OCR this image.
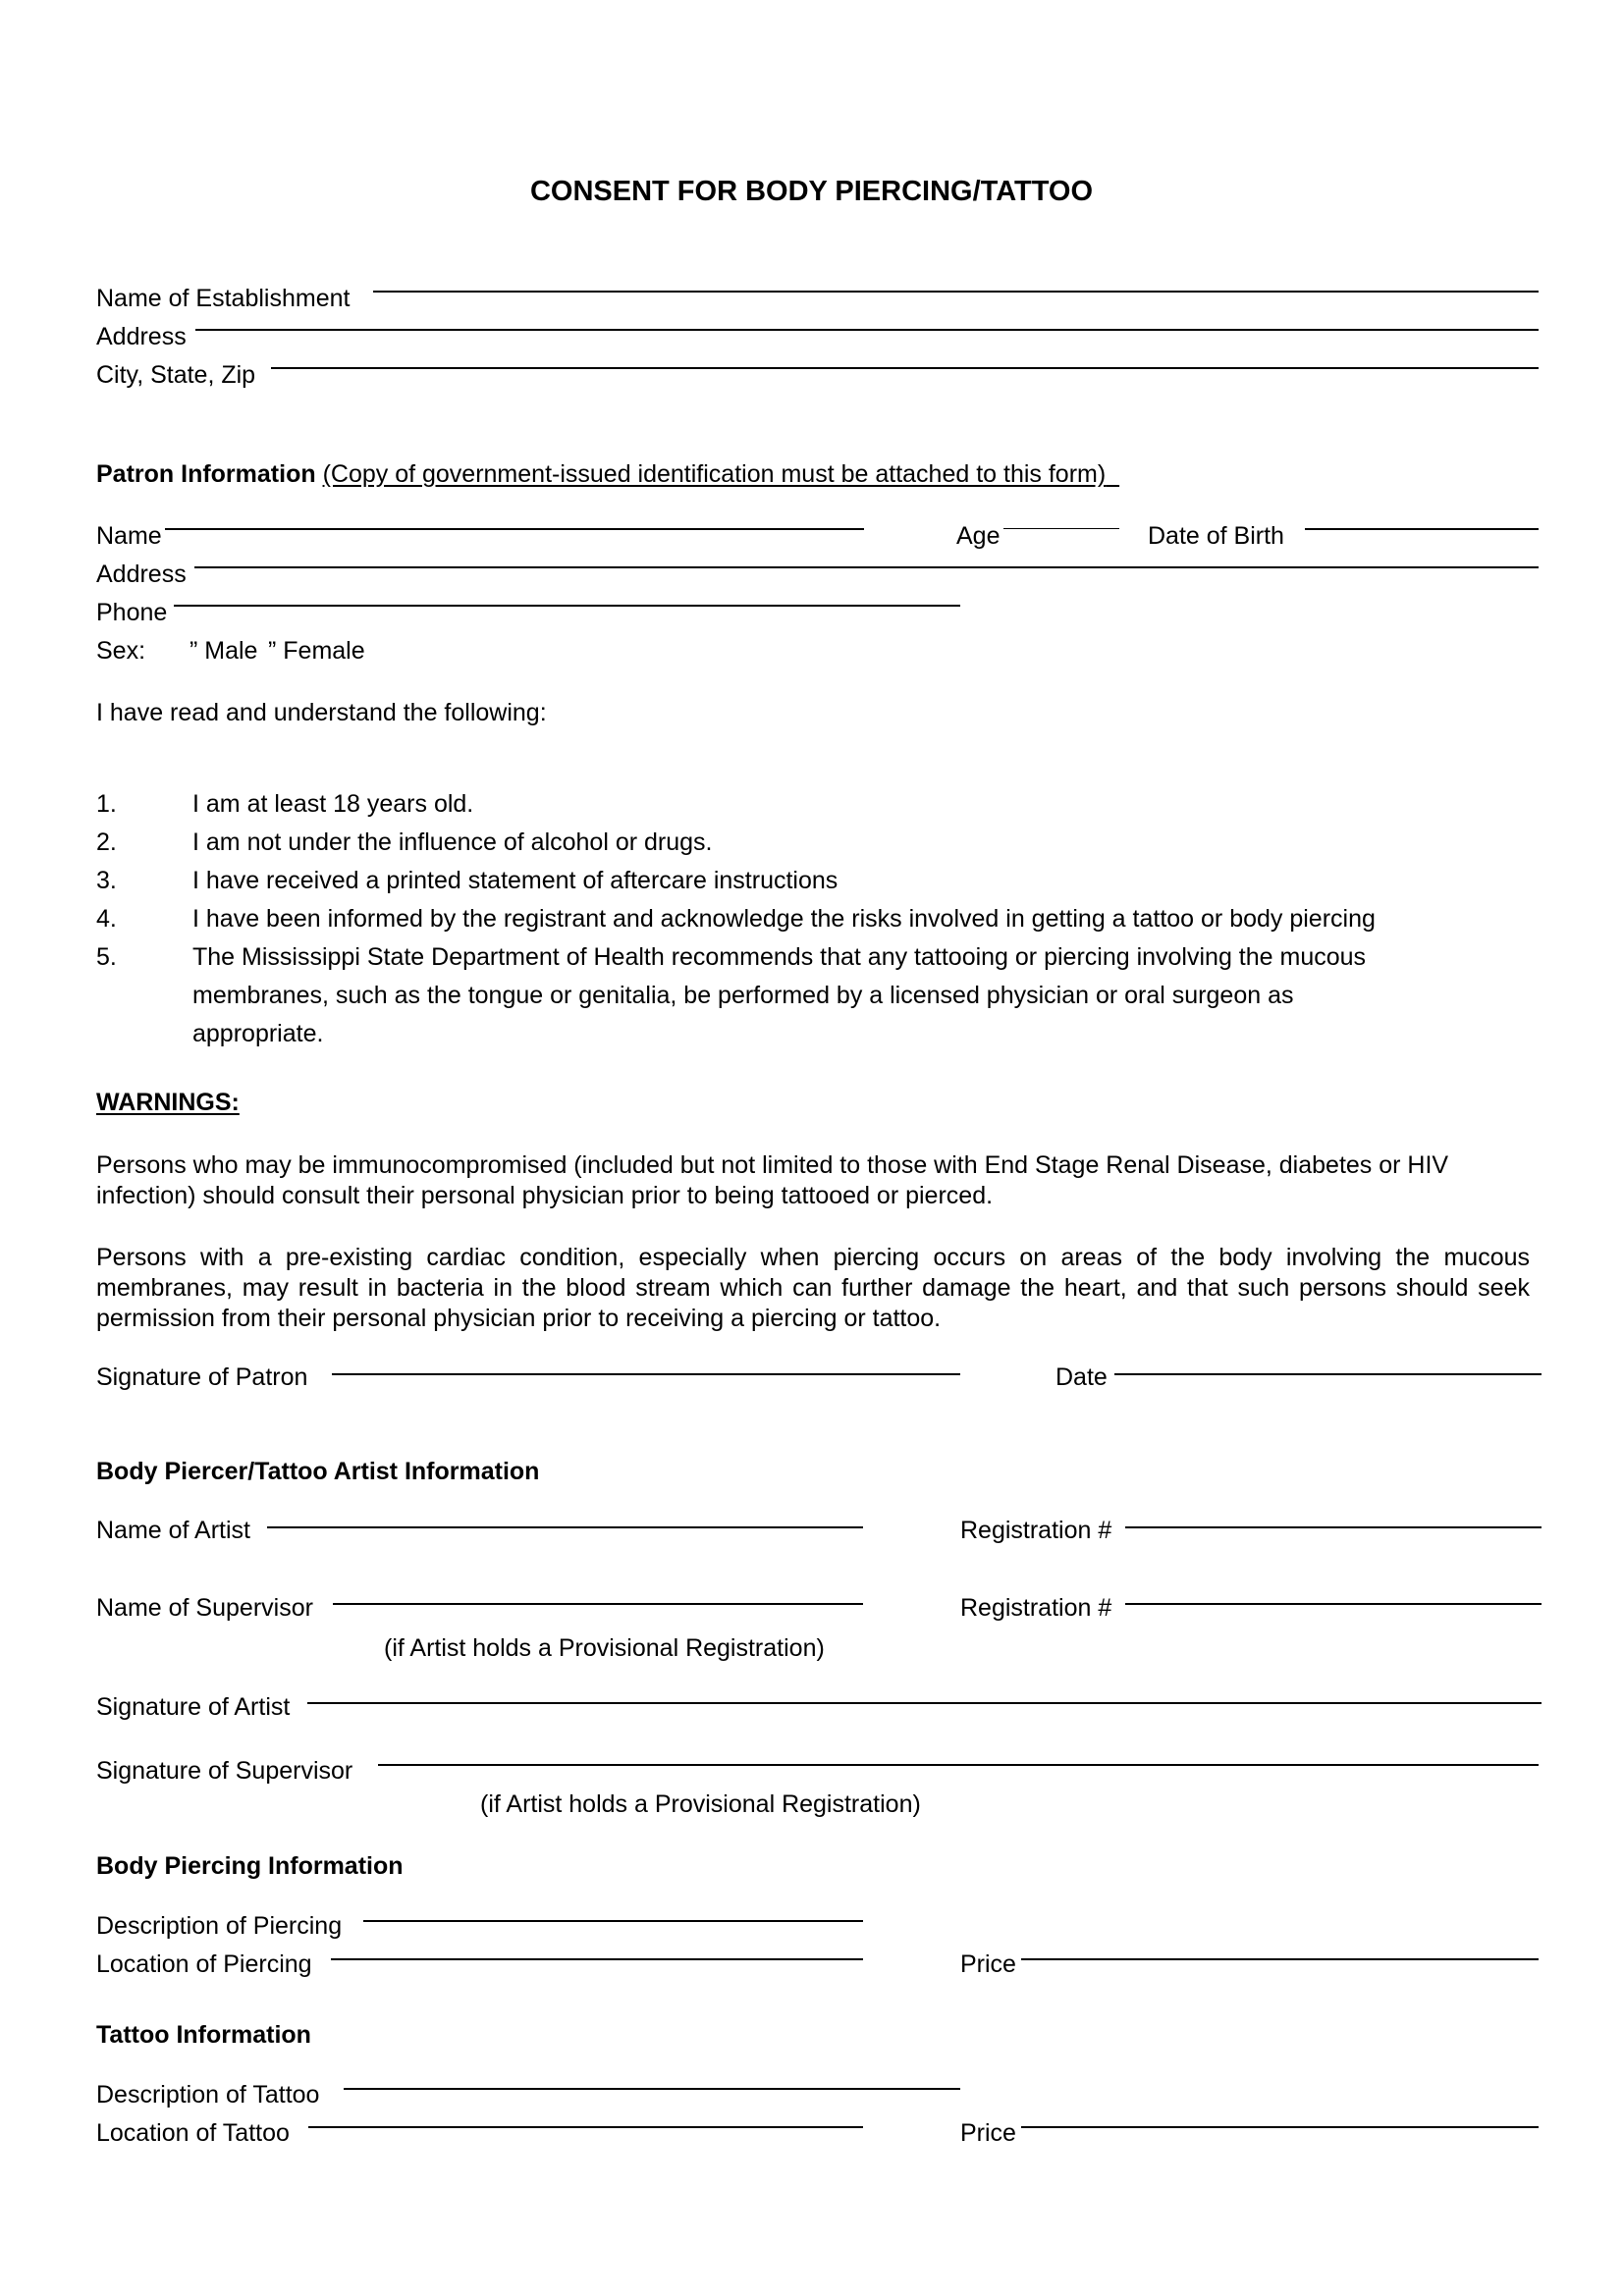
CONSENT FOR BODY PIERCING/TATTOO
Name of Establishment
Address
City, State, Zip
Patron Information (Copy of government-issued identification must be attached to this form)
Name	Age	Date of Birth
Address
Phone
Sex: ” Male ” Female
I have read and understand the following:
1.	I am at least 18 years old.
2.	I am not under the influence of alcohol or drugs.
3.	I have received a printed statement of aftercare instructions
4.	I have been informed by the registrant and acknowledge the risks involved in getting a tattoo or body piercing
5.	The Mississippi State Department of Health recommends that any tattooing or piercing involving the mucous
membranes, such as the tongue or genitalia, be performed by a licensed physician or oral surgeon as
appropriate.
WARNINGS:
Persons who may be immunocompromised (included but not limited to those with End Stage Renal Disease, diabetes or HIV infection) should consult their personal physician prior to being tattooed or pierced.
Persons with a pre-existing cardiac condition, especially when piercing occurs on areas of the body involving the mucous membranes, may result in bacteria in the blood stream which can further damage the heart, and that such persons should seek permission from their personal physician prior to receiving a piercing or tattoo.
Signature of Patron	Date
Body Piercer/Tattoo Artist Information
Name of Artist	Registration #
Name of Supervisor	Registration #
(if Artist holds a Provisional Registration)
Signature of Artist
Signature of Supervisor
(if Artist holds a Provisional Registration)
Body Piercing Information
Description of Piercing
Location of Piercing	Price
Tattoo Information
Description of Tattoo
Location of Tattoo	Price
